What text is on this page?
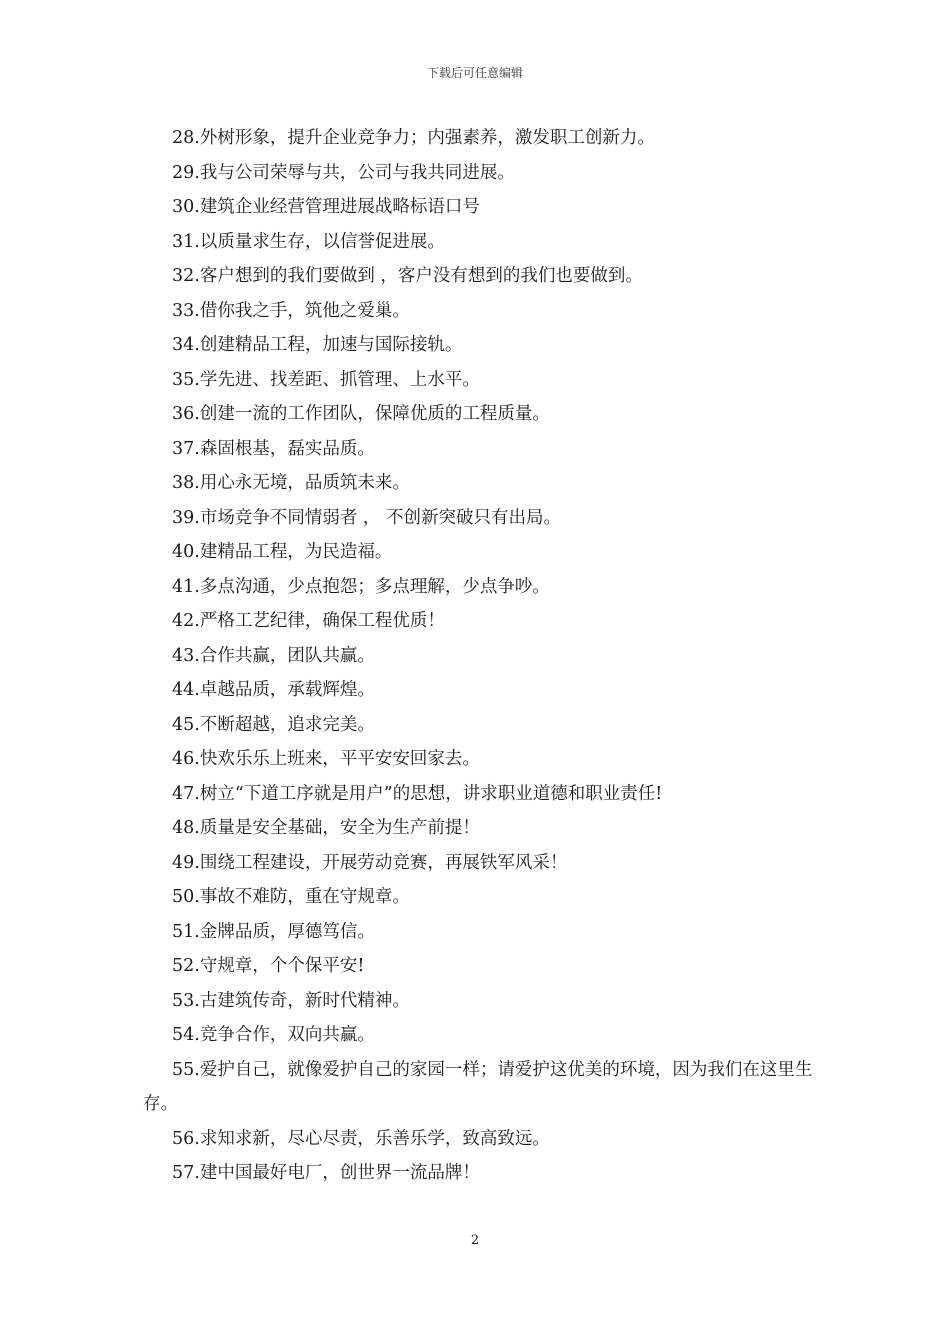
下载后可任意编辑

28.外树形象，提升企业竞争力；内强素养，激发职工创新力。

29.我与公司荣辱与共，公司与我共同进展。

30.建筑企业经营管理进展战略标语口号

31.以质量求生存，以信誉促进展。

32.客户想到的我们要做到 ，客户没有想到的我们也要做到。

33.借你我之手，筑他之爱巢。

34.创建精品工程，加速与国际接轨。

35.学先进、找差距、抓管理、上水平。

36.创建一流的工作团队，保障优质的工程质量。

37.森固根基，磊实品质。

38.用心永无境，品质筑未来。

39.市场竞争不同情弱者 ， 不创新突破只有出局。

40.建精品工程，为民造福。

41.多点沟通，少点抱怨；多点理解，少点争吵。

42.严格工艺纪律，确保工程优质！

43.合作共赢，团队共赢。

44.卓越品质，承载辉煌。

45.不断超越，追求完美。

46.快欢乐乐上班来，平平安安回家去。

47.树立“下道工序就是用户”的思想，讲求职业道德和职业责任!

48.质量是安全基础，安全为生产前提！

49.围绕工程建设，开展劳动竞赛，再展铁军风采！

50.事故不难防，重在守规章。

51.金牌品质，厚德笃信。

52.守规章，个个保平安!

53.古建筑传奇，新时代精神。

54.竞争合作，双向共赢。

55.爱护自己，就像爱护自己的家园一样；请爱护这优美的环境，因为我们在这里生存。

56.求知求新，尽心尽责，乐善乐学，致高致远。

57.建中国最好电厂，创世界一流品牌！

2
